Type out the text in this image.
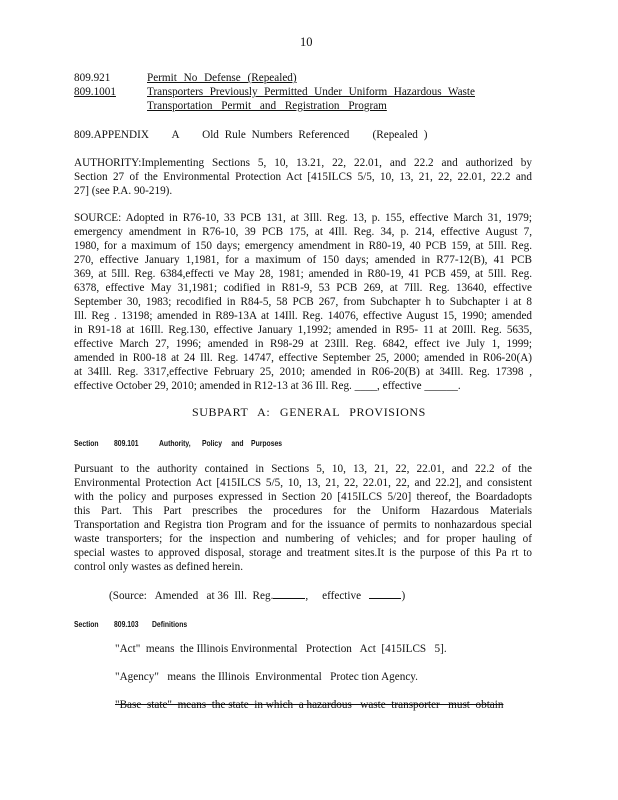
10
809.921	Permit No Defense (Repealed)
809.1001	Transporters Previously Permitted Under Uniform Hazardous Waste
Transportation Permit and Registration Program
809.APPENDIX    A    Old Rule Numbers Referenced    (Repealed )
AUTHORITY:Implementing Sections 5, 10, 13.21, 22, 22.01, and 22.2 and authorized by
Section 27 of the Environmental Protection Act [415ILCS 5/5, 10, 13, 21, 22, 22.01, 22.2 and
27] (see P.A. 90-219).
SOURCE: Adopted in R76-10, 33 PCB 131, at 3Ill. Reg. 13, p. 155, effective March 31, 1979;
emergency amendment in R76-10, 39 PCB 175, at 4Ill. Reg. 34, p. 214, effective August 7,
1980, for a maximum of 150 days; emergency amendment in R80-19, 40 PCB 159, at 5Ill. Reg.
270, effective January 1,1981, for a maximum of 150 days; amended in R77-12(B), 41 PCB
369, at 5Ill. Reg. 6384,effecti ve May 28, 1981; amended in R80-19, 41 PCB 459, at 5Ill. Reg.
6378, effective May 31,1981; codified in R81-9, 53 PCB 269, at 7Ill. Reg. 13640, effective
September 30, 1983; recodified in R84-5, 58 PCB 267, from Subchapter h to Subchapter i at 8
Ill. Reg . 13198; amended in R89-13A at 14Ill. Reg. 14076, effective August 15, 1990; amended
in R91-18 at 16Ill. Reg.130, effective January 1,1992; amended in R95- 11 at 20Ill. Reg. 5635,
effective March 27, 1996; amended in R98-29 at 23Ill. Reg. 6842, effect ive July 1, 1999;
amended in R00-18 at 24 Ill. Reg. 14747, effective September 25, 2000; amended in R06-20(A)
at 34Ill. Reg. 3317,effective February 25, 2010; amended in R06-20(B) at 34Ill. Reg. 17398 ,
effective October 29, 2010; amended in R12-13 at 36 Ill. Reg. ____, effective ______.
SUBPART A: GENERAL PROVISIONS
Section 809.101 Authority,      Policy     and    Purposes
Pursuant to the authority contained in Sections 5, 10, 13, 21, 22, 22.01, and 22.2 of the
Environmental Protection Act [415ILCS 5/5, 10, 13, 21, 22, 22.01, 22, and 22.2], and consistent
with the policy and purposes expressed in Section 20 [415ILCS 5/20] thereof, the Boardadopts
this Part. This Part prescribes the procedures for the Uniform Hazardous Materials
Transportation and Registra tion Program and for the issuance of permits to nonhazardous special
waste transporters; for the inspection and numbering of vehicles; and for proper hauling of
special wastes to approved disposal, storage and treatment sites.It is the purpose of this Pa rt to
control only wastes as defined herein.
(Source:   Amended   at 36  Ill.  Reg.	,     effective	)
Section 809.103 Definitions
"Act"  means  the Illinois Environmental   Protection   Act  [415ILCS   5].
"Agency"   means  the Illinois  Environmental   Protec tion Agency.
"Base  state"  means  the state  in which  a hazardous   waste  transporter   must  obtain
